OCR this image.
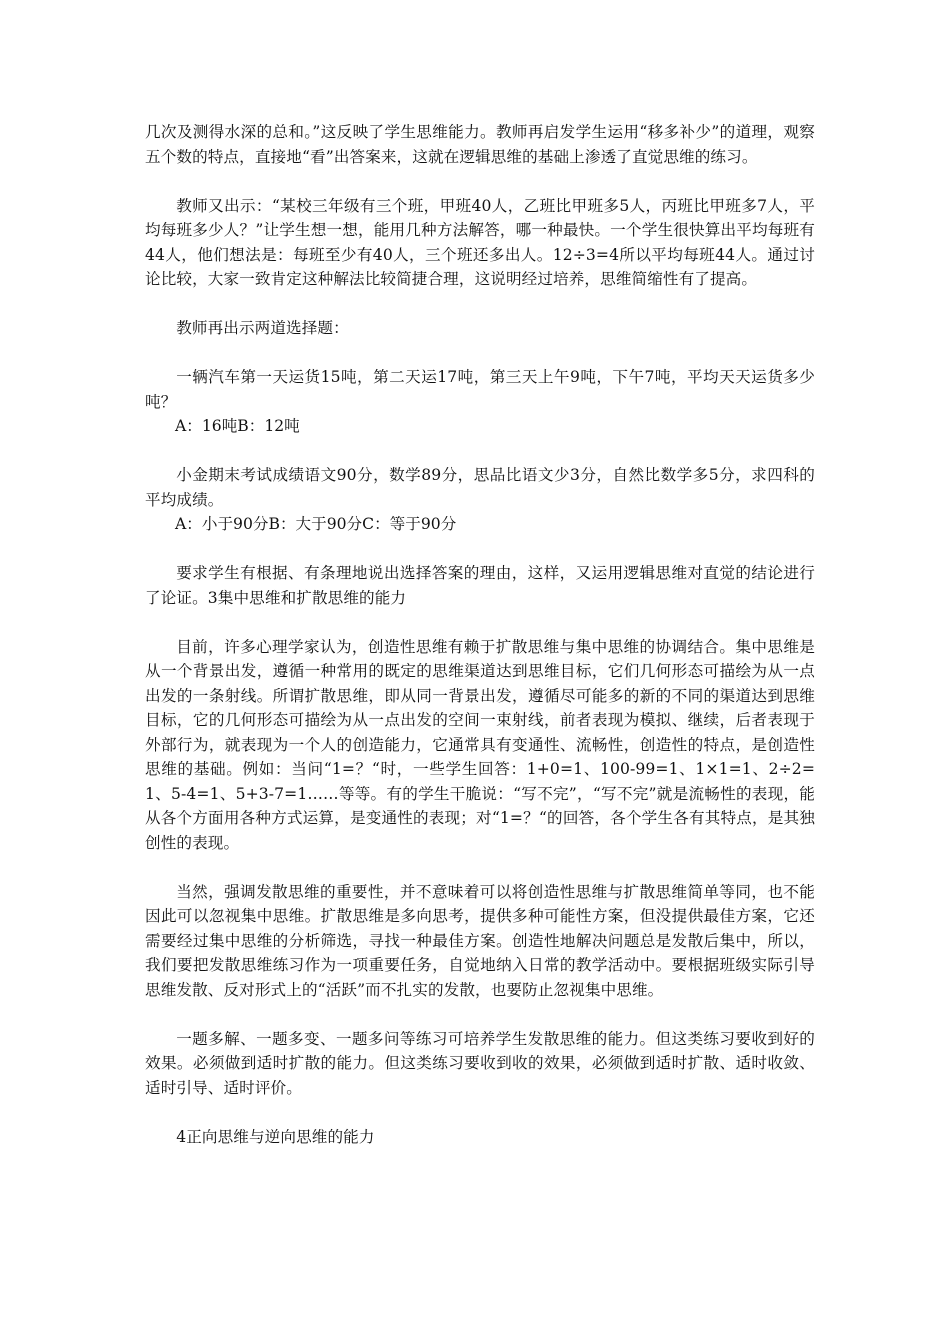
几次及测得水深的总和。”这反映了学生思维能力。教师再启发学生运用“移多补少”的道理，观察五个数的特点，直接地“看”出答案来，这就在逻辑思维的基础上渗透了直觉思维的练习。

教师又出示：“某校三年级有三个班，甲班40人，乙班比甲班多5人，丙班比甲班多7人，平均每班多少人？”让学生想一想，能用几种方法解答，哪一种最快。一个学生很快算出平均每班有44人，他们想法是：每班至少有40人，三个班还多出人。12÷3=4所以平均每班44人。通过讨论比较，大家一致肯定这种解法比较简捷合理，这说明经过培养，思维简缩性有了提高。

教师再出示两道选择题：

一辆汽车第一天运货15吨，第二天运17吨，第三天上午9吨，下午7吨，平均天天运货多少吨？

A：16吨B：12吨

小金期末考试成绩语文90分，数学89分，思品比语文少3分，自然比数学多5分，求四科的平均成绩。

A：小于90分B：大于90分C：等于90分

要求学生有根据、有条理地说出选择答案的理由，这样，又运用逻辑思维对直觉的结论进行了论证。3集中思维和扩散思维的能力

目前，许多心理学家认为，创造性思维有赖于扩散思维与集中思维的协调结合。集中思维是从一个背景出发，遵循一种常用的既定的思维渠道达到思维目标，它们几何形态可描绘为从一点出发的一条射线。所谓扩散思维，即从同一背景出发，遵循尽可能多的新的不同的渠道达到思维目标，它的几何形态可描绘为从一点出发的空间一束射线，前者表现为模拟、继续，后者表现于外部行为，就表现为一个人的创造能力，它通常具有变通性、流畅性，创造性的特点，是创造性思维的基础。例如：当问“1=？“时，一些学生回答：1+0=1、100-99=1、1×1=1、2÷2=1、5-4=1、5+3-7=1……等等。有的学生干脆说：“写不完”，“写不完”就是流畅性的表现，能从各个方面用各种方式运算，是变通性的表现；对“1=？“的回答，各个学生各有其特点，是其独创性的表现。

当然，强调发散思维的重要性，并不意味着可以将创造性思维与扩散思维简单等同，也不能因此可以忽视集中思维。扩散思维是多向思考，提供多种可能性方案，但没提供最佳方案，它还需要经过集中思维的分析筛选，寻找一种最佳方案。创造性地解决问题总是发散后集中，所以，我们要把发散思维练习作为一项重要任务，自觉地纳入日常的教学活动中。要根据班级实际引导思维发散、反对形式上的“活跃”而不扎实的发散，也要防止忽视集中思维。

一题多解、一题多变、一题多问等练习可培养学生发散思维的能力。但这类练习要收到好的效果。必须做到适时扩散的能力。但这类练习要收到收的效果，必须做到适时扩散、适时收敛、适时引导、适时评价。

4正向思维与逆向思维的能力
